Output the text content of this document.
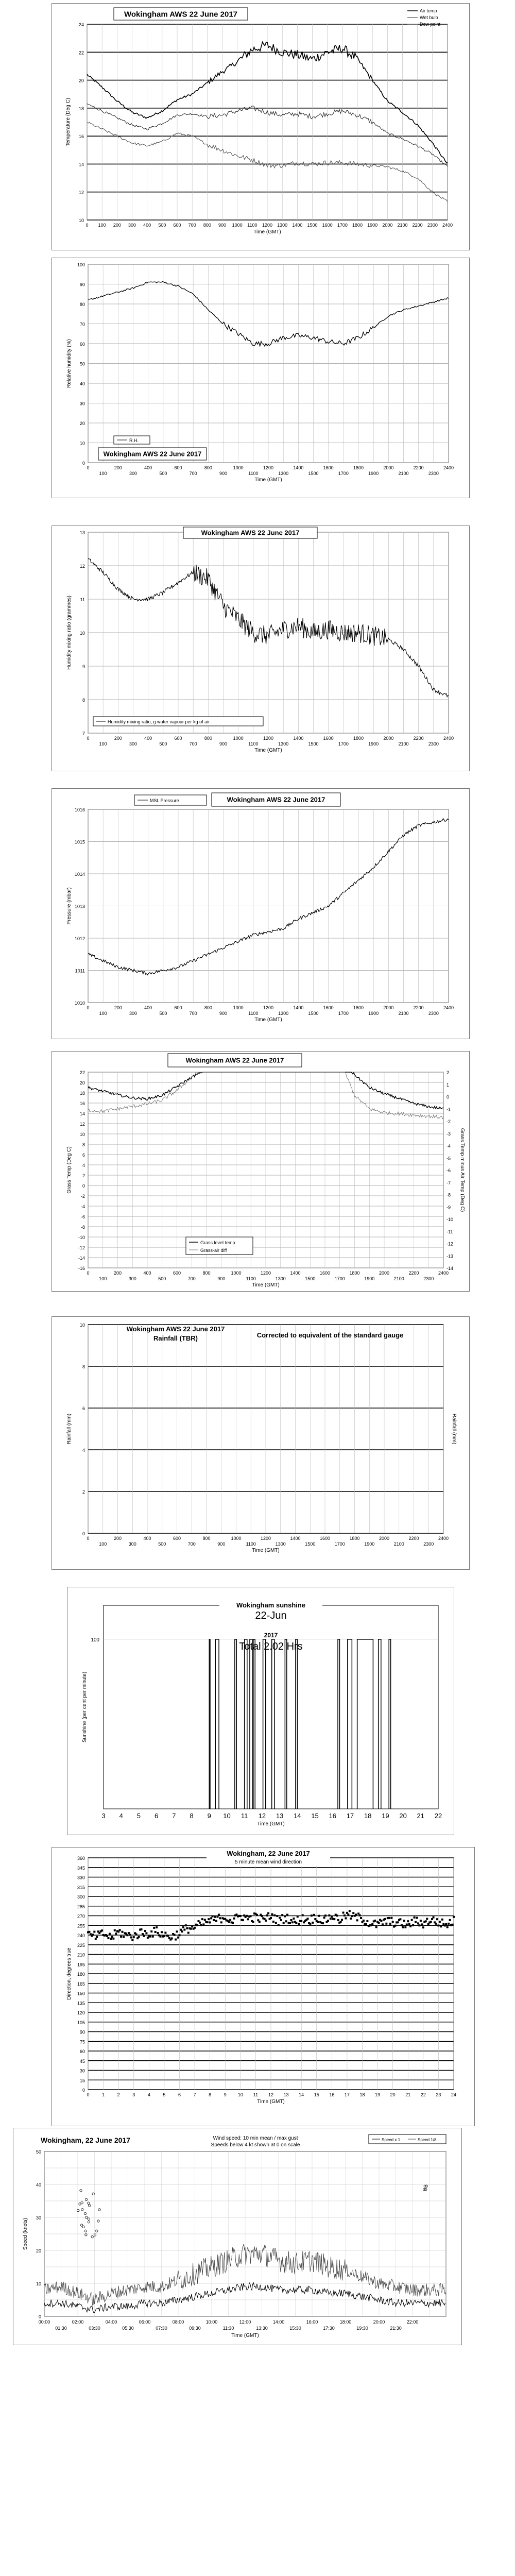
10
12
14
16
18
20
22
24
0 100 200 300 400 500 600 700 800 900 1000 1100 1200 1300 1400 1500 1600 1700 1800 1900 2000 2100 2200 2300 2400
Time (GMT)
Temperature (Deg C)
Wokingham AWS 22 June 2017	Air temp
Wet bulb
Dew point
0
10
20
30
40
50
60
70
80
90
100
0
100
200
300
400
500
600
700
800
900
1000
1100
1200
1300
1400
1500
1600
1700
1800
1900
2000
2100
2200
2300
2400
Time (GMT)
Relative humidity (%)
R.H.
Wokingham AWS 22 June 2017
7
8
9
10
11
12
13
0
100
200
300
400
500
600
700
800
900
1000
1100
1200
1300
1400
1500
1600
1700
1800
1900
2000
2100
2200
2300
2400
Time (GMT)
Humidity mixing ratio (grammes)
Wokingham AWS 22 June 2017
Humidity mixing ratio, g water vapour per kg of air
1010
1011
1012
1013
1014
1015
1016
0
100
200
300
400
500
600
700
800
900
1000
1100
1200
1300
1400
1500
1600
1700
1800
1900
2000
2100
2200
2300
2400
Time (GMT)
Pressure (mbar)
MSL Pressure	Wokingham AWS 22 June 2017
-16
-14
-12
-10
-8
-6
-4
-2
0
2
4
6
8
10
12
14
16
18
20
22
0
100
200
300
400
500
600
700
800
900
1000
1100
1200
1300
1400
1500
1600
1700
1800
1900
2000
2100
2200
2300
2400
Time (GMT)
Grass Temp (Deg C)
-14
-13
-12
-11
-10
-9
-8
-7
-6
-5
-4
-3
-2
-1
0
1
2
Grass Temp minus Air Temp (Deg C)
Wokingham AWS 22 June 2017
Grass level temp
Grass-air diff
0
2
4
6
8
10
0
100
200
300
400
500
600
700
800
900
1000
1100
1200
1300
1400
1500
1600
1700
1800
1900
2000
2100
2200
2300
2400
Time (GMT)
Rainfall (mm)	Rainfall (mm)
Wokingham AWS 22 June 2017
Rainfall (TBR)	Corrected to equivalent of the standard gauge
100
3 4 5 6 7 8 9 10 11 12 13 14 15 16 17 18 19 20 21 22
Time (GMT)
Sunshine (per cent per minute)
Wokingham sunshine
22-Jun
2017
Total 2.02 Hrs
0
15
30
45
60
75
90
105
120
135
150
165
180
195
210
225
240
255
270
285
300
315
330
345
360
0	1	2	3	4	5	6	7	8	9 10 11 12 13 14 15 16 17 18 19 20 21 22 23 24
Time (GMT)
Direction, degrees true
Wokingham, 22 June 2017
5 minute mean wind direction
0
10
20
30
40
50
00:00
01:30
02:00
03:30
04:00
05:30
06:00
07:30
08:00
09:30
10:00
11:30
12:00
13:30
14:00
15:30
16:00
17:30
18:00
19:30
20:00
21:30
22:00
Time (GMT)
Speed (knots)
Wokingham, 22 June 2017	Wind speed: 10 min mean / max gust
Speeds below 4 kt shown at 0 on scale
Speed x 1	Speed 1/8
